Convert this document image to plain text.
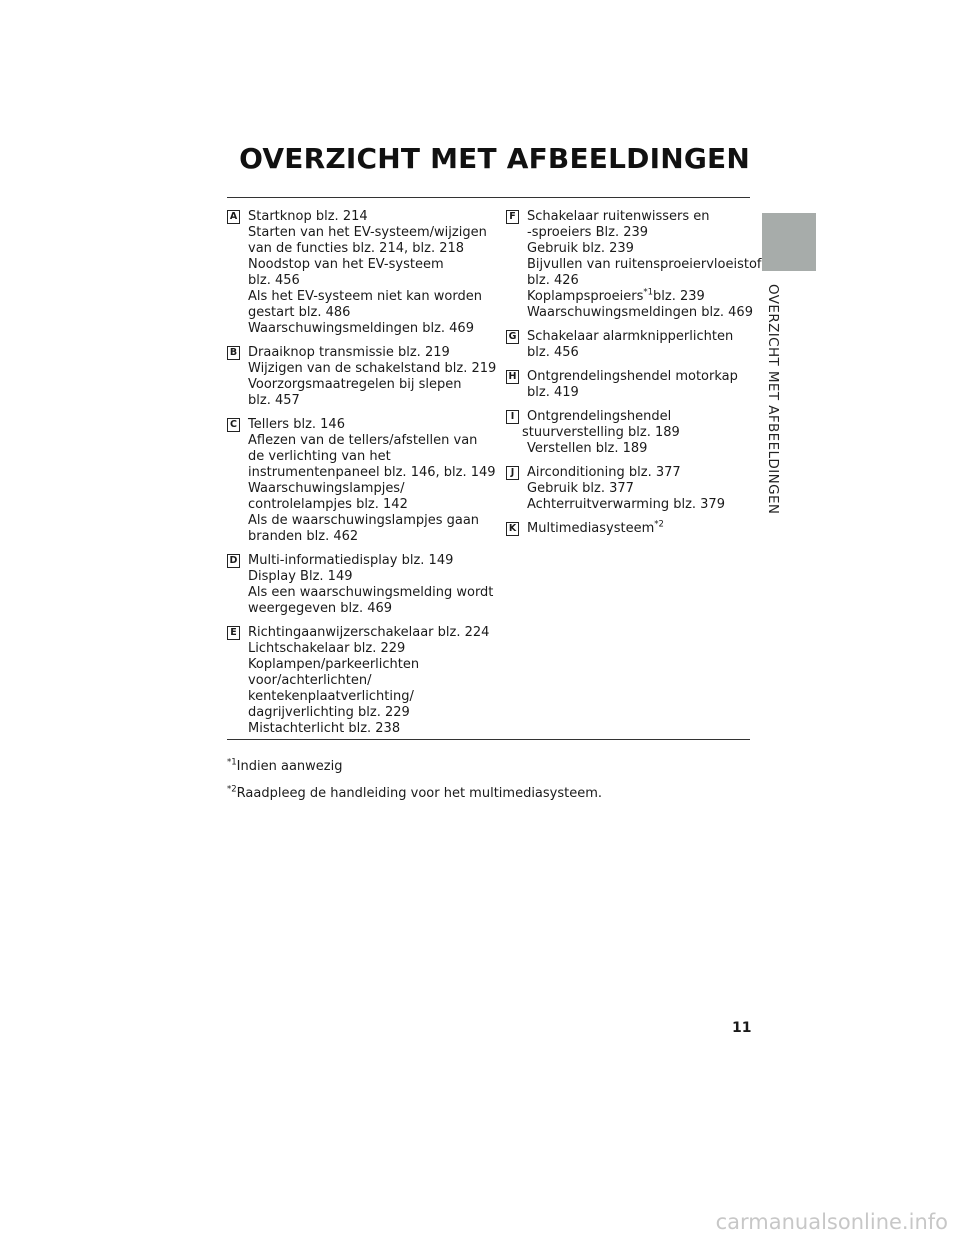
OVERZICHT MET AFBEELDINGEN
OVERZICHT MET AFBEELDINGEN
A Startknop blz. 214
Starten van het EV-systeem/wijzigen
van de functies blz. 214, blz. 218
Noodstop van het EV-systeem
blz. 456
Als het EV-systeem niet kan worden
gestart blz. 486
Waarschuwingsmeldingen blz. 469
B Draaiknop transmissie blz. 219
Wijzigen van de schakelstand blz. 219
Voorzorgsmaatregelen bij slepen
blz. 457
C Tellers blz. 146
Aflezen van de tellers/afstellen van
de verlichting van het
instrumentenpaneel blz. 146, blz. 149
Waarschuwingslampjes/
controlelampjes blz. 142
Als de waarschuwingslampjes gaan
branden blz. 462
D Multi-informatiedisplay blz. 149
Display Blz. 149
Als een waarschuwingsmelding wordt
weergegeven blz. 469
E Richtingaanwijzerschakelaar blz. 224
Lichtschakelaar blz. 229
Koplampen/parkeerlichten
voor/achterlichten/
kentekenplaatverlichting/
dagrijverlichting blz. 229
Mistachterlicht blz. 238
F Schakelaar ruitenwissers en
-sproeiers Blz. 239
Gebruik blz. 239
Bijvullen van ruitensproeiervloeistof
blz. 426
Koplampsproeiers$^{*1}$blz. 239
Waarschuwingsmeldingen blz. 469
G Schakelaar alarmknipperlichten
blz. 456
H Ontgrendelingshendel motorkap
blz. 419
I Ontgrendelingshendel
stuurverstelling blz. 189
Verstellen blz. 189
J Airconditioning blz. 377
Gebruik blz. 377
Achterruitverwarming blz. 379
K Multimediasysteem$^{*2}$
$^{*1}$Indien aanwezig
$^{*2}$Raadpleeg de handleiding voor het multimediasysteem.
11
carmanualsonline.info
